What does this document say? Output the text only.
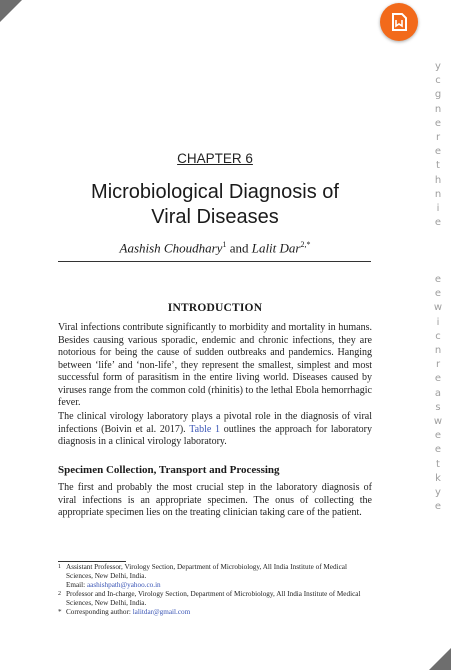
y
c
g
n
e
r
e
t
h
n
i
e

e
e
w
i
c
n
r
e
a
s
w
e
e
t
k
y
e
CHAPTER 6
Microbiological Diagnosis of
Viral Diseases
Aashish Choudhary$^1$ and Lalit Dar$^{2,*}$
INTRODUCTION
Viral infections contribute significantly to morbidity and mortality in humans. Besides causing various sporadic, endemic and chronic infections, they are notorious for being the cause of sudden outbreaks and pandemics. Hanging between ‘life’ and ‘non-life’, they represent the smallest, simplest and most successful form of parasitism in the entire living world. Diseases caused by viruses range from the common cold (rhinitis) to the lethal Ebola hemorrhagic fever.
The clinical virology laboratory plays a pivotal role in the diagnosis of viral infections (Boivin et al. 2017). Table 1 outlines the approach for laboratory diagnosis in a clinical virology laboratory.
Specimen Collection, Transport and Processing
The first and probably the most crucial step in the laboratory diagnosis of viral infections is an appropriate specimen. The onus of collecting the appropriate specimen lies on the treating clinician taking care of the patient.
1 Assistant Professor, Virology Section, Department of Microbiology, All India Institute of Medical Sciences, New Delhi, India.
Email: aashishpath@yahoo.co.in
2 Professor and In-charge, Virology Section, Department of Microbiology, All India Institute of Medical Sciences, New Delhi, India.
* Corresponding author: lalitdar@gmail.com
